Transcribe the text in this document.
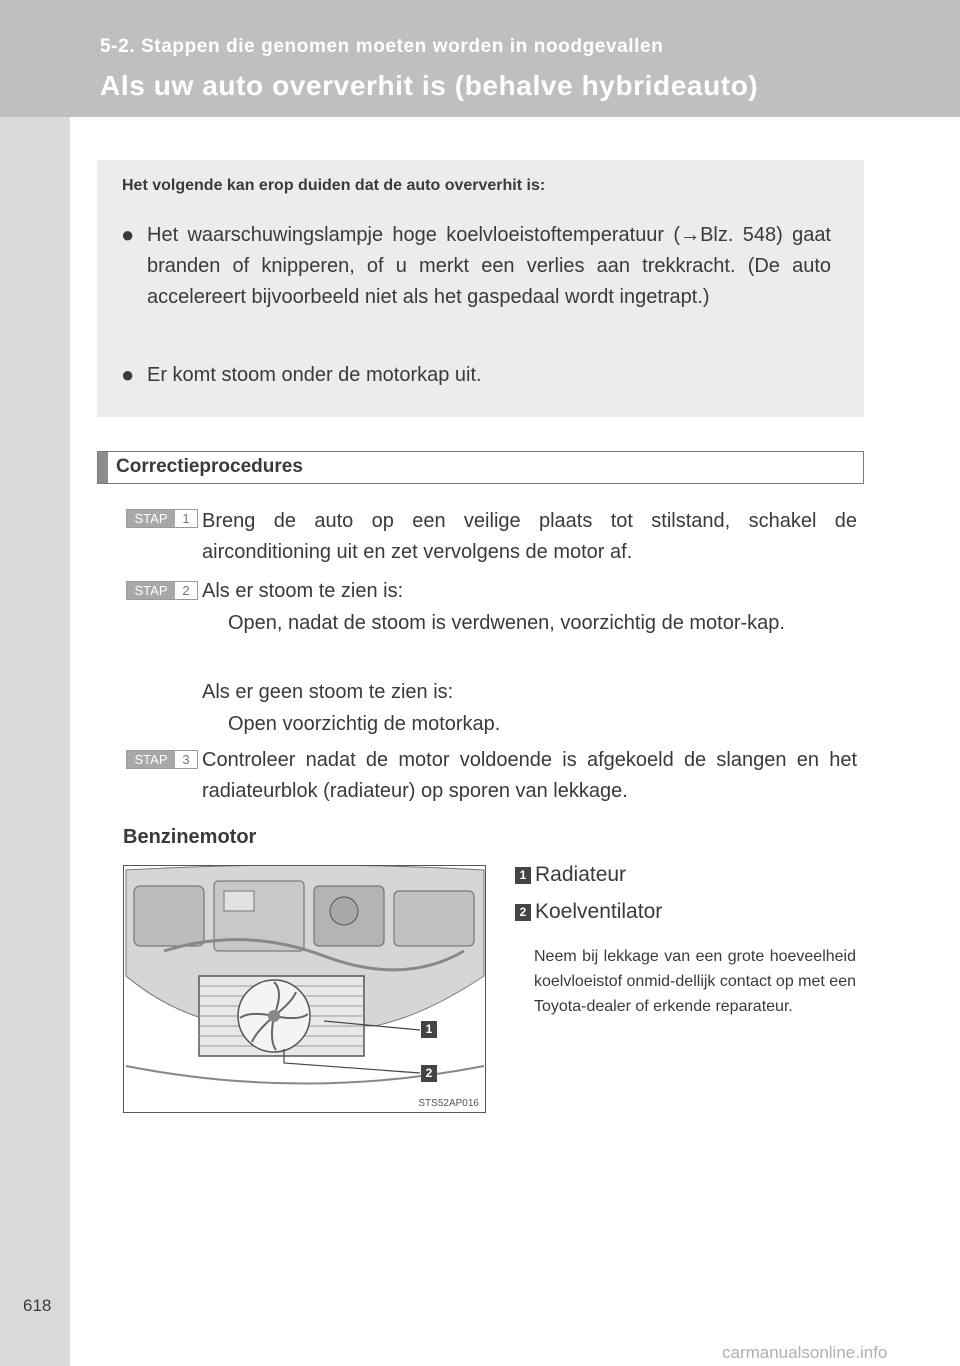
5-2. Stappen die genomen moeten worden in noodgevallen
Als uw auto oververhit is (behalve hybrideauto)
Het volgende kan erop duiden dat de auto oververhit is:
● Het waarschuwingslampje hoge koelvloeistoftemperatuur (→Blz. 548) gaat branden of knipperen, of u merkt een verlies aan trekkracht. (De auto accelereert bijvoorbeeld niet als het gaspedaal wordt ingetrapt.)
● Er komt stoom onder de motorkap uit.
Correctieprocedures
STAP	1 Breng de auto op een veilige plaats tot stilstand, schakel de airconditioning uit en zet vervolgens de motor af.
STAP	2 Als er stoom te zien is:
Open, nadat de stoom is verdwenen, voorzichtig de motor-kap.
Als er geen stoom te zien is:
Open voorzichtig de motorkap.
STAP	3 Controleer nadat de motor voldoende is afgekoeld de slangen en het radiateurblok (radiateur) op sporen van lekkage.
Benzinemotor
1
2
STS52AP016
1 Radiateur
2 Koelventilator
Neem bij lekkage van een grote hoeveelheid koelvloeistof onmid-dellijk contact op met een Toyota-dealer of erkende reparateur.
618
carmanualsonline.info
